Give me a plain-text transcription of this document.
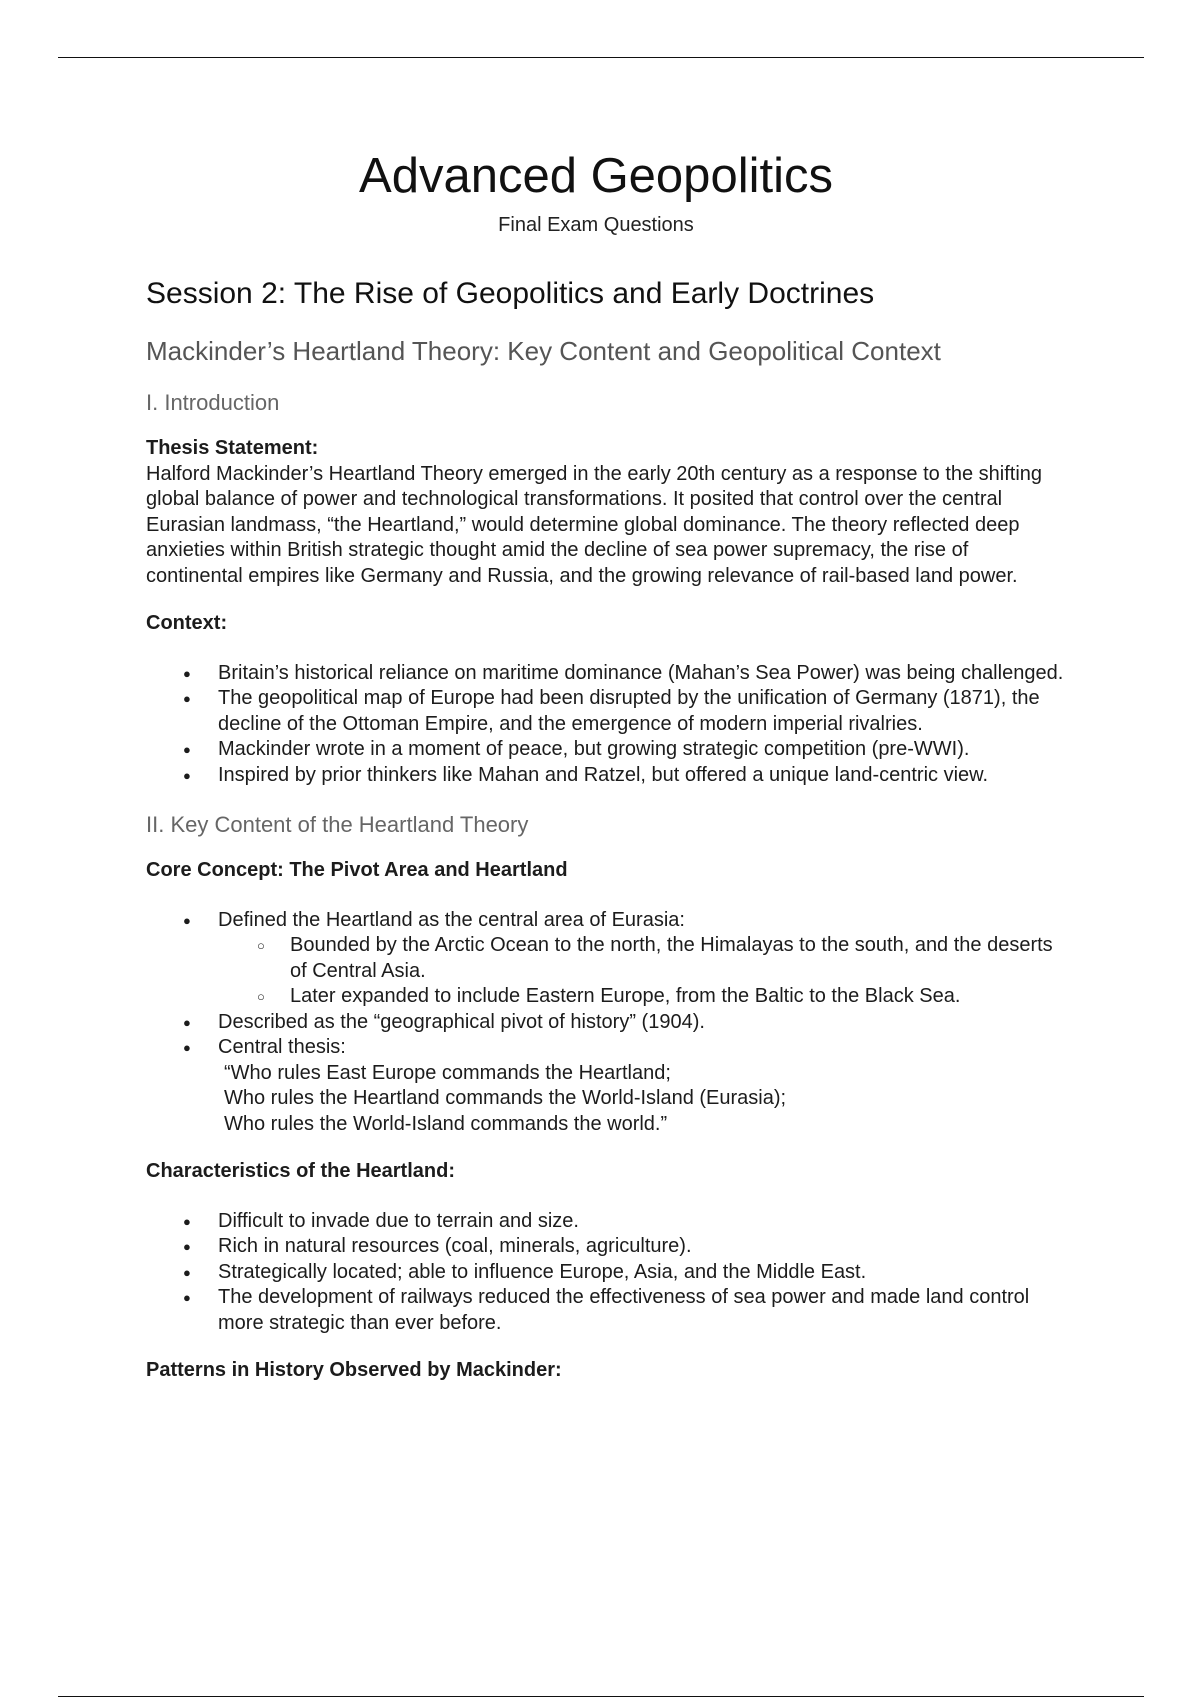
Advanced Geopolitics
Final Exam Questions
Session 2: The Rise of Geopolitics and Early Doctrines
Mackinder’s Heartland Theory: Key Content and Geopolitical Context
I. Introduction

Thesis Statement:

Halford Mackinder’s Heartland Theory emerged in the early 20th century as a response to the shifting global balance of power and technological transformations. It posited that control over the central Eurasian landmass, “the Heartland,” would determine global dominance. The theory reflected deep anxieties within British strategic thought amid the decline of sea power supremacy, the rise of continental empires like Germany and Russia, and the growing relevance of rail-based land power.

Context:

● Britain’s historical reliance on maritime dominance (Mahan’s Sea Power) was being challenged.
● The geopolitical map of Europe had been disrupted by the unification of Germany (1871), the decline of the Ottoman Empire, and the emergence of modern imperial rivalries.
● Mackinder wrote in a moment of peace, but growing strategic competition (pre-WWI).
● Inspired by prior thinkers like Mahan and Ratzel, but offered a unique land-centric view.
II. Key Content of the Heartland Theory

Core Concept: The Pivot Area and Heartland

● Defined the Heartland as the central area of Eurasia:
○ Bounded by the Arctic Ocean to the north, the Himalayas to the south, and the deserts of Central Asia.
○ Later expanded to include Eastern Europe, from the Baltic to the Black Sea.
● Described as the “geographical pivot of history” (1904).
● Central thesis:
“Who rules East Europe commands the Heartland;
Who rules the Heartland commands the World-Island (Eurasia);
Who rules the World-Island commands the world.”

Characteristics of the Heartland:

● Difficult to invade due to terrain and size.
● Rich in natural resources (coal, minerals, agriculture).
● Strategically located; able to influence Europe, Asia, and the Middle East.
● The development of railways reduced the effectiveness of sea power and made land control more strategic than ever before.

Patterns in History Observed by Mackinder:
